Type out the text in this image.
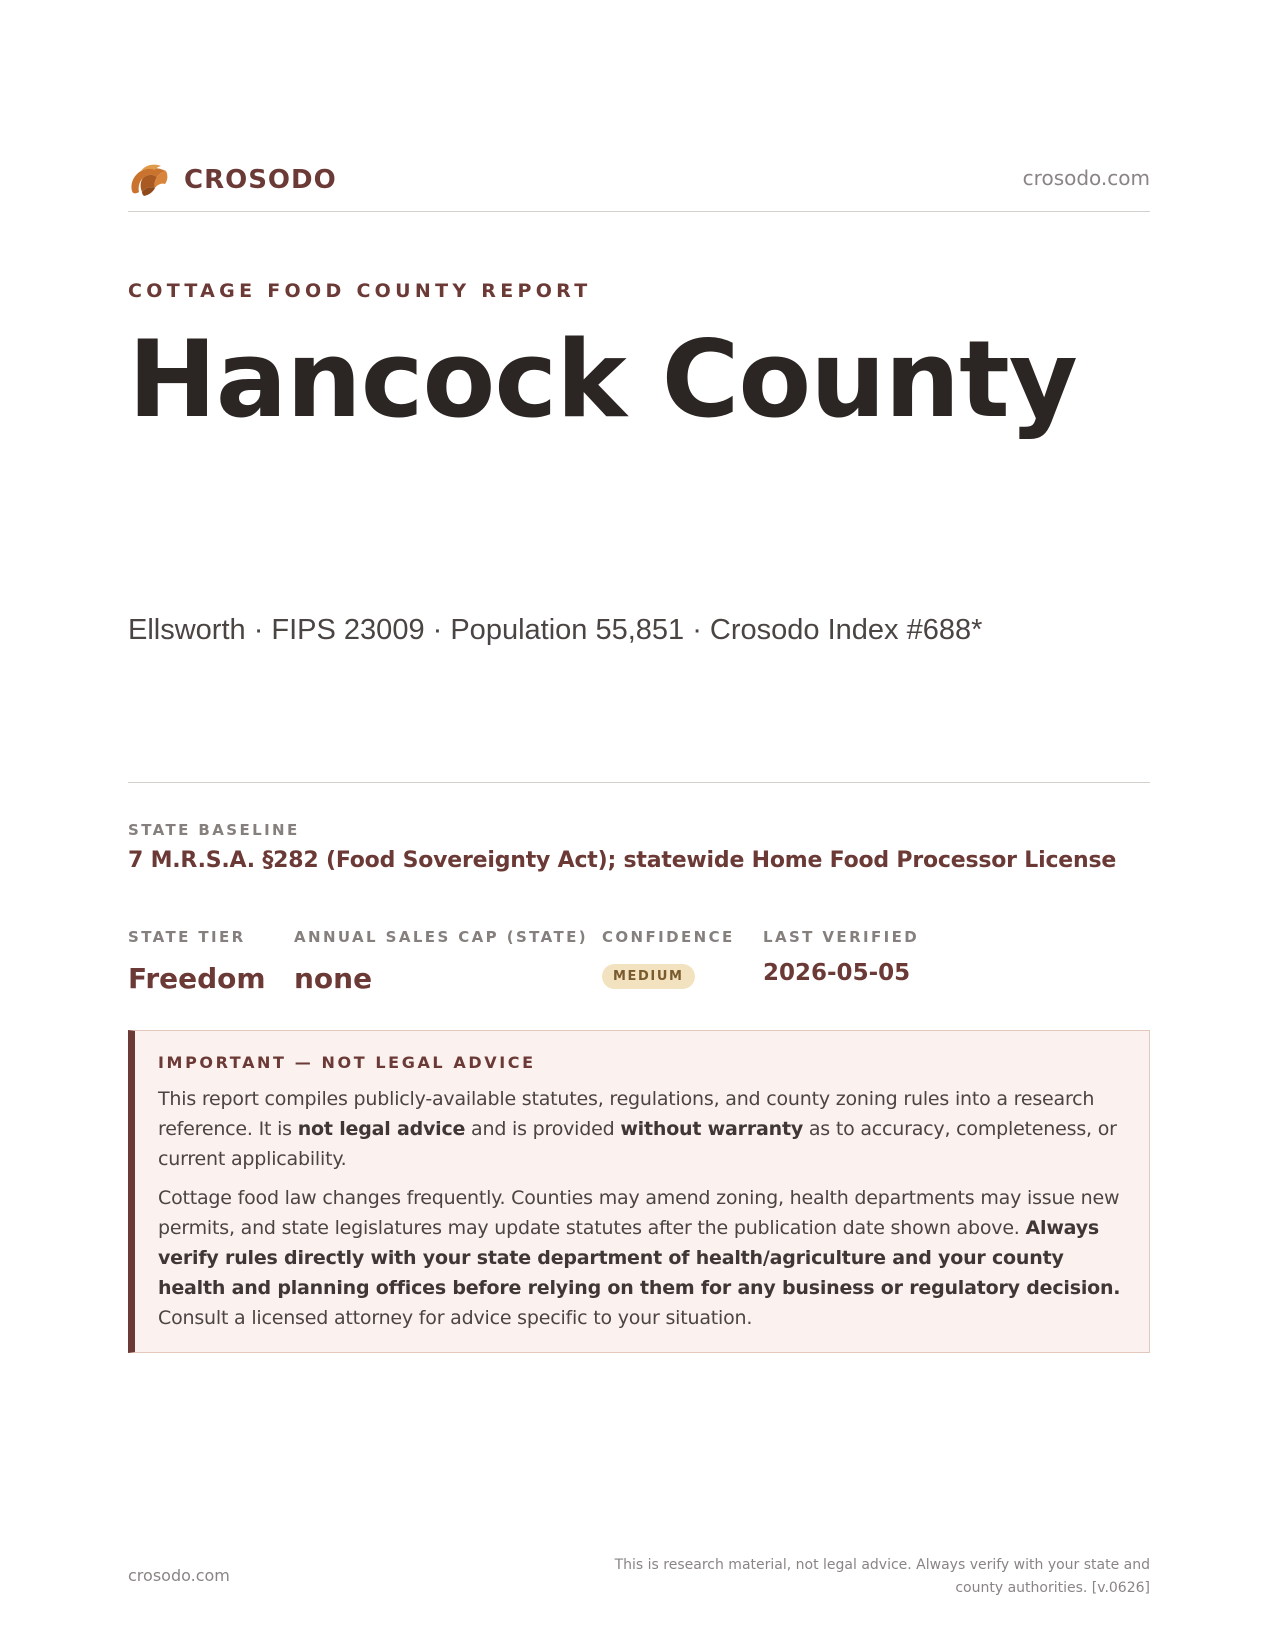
CROSODO	crosodo.com
COTTAGE FOOD COUNTY REPORT
Hancock County
Ellsworth · FIPS 23009 · Population 55,851 · Crosodo Index #688*
STATE BASELINE
7 M.R.S.A. §282 (Food Sovereignty Act); statewide Home Food Processor License
STATE TIER
Freedom
ANNUAL SALES CAP (STATE)
none
CONFIDENCE
MEDIUM
LAST VERIFIED
2026-05-05
IMPORTANT — NOT LEGAL ADVICE

This report compiles publicly-available statutes, regulations, and county zoning rules into a research reference. It is not legal advice and is provided without warranty as to accuracy, completeness, or current applicability.

Cottage food law changes frequently. Counties may amend zoning, health departments may issue new permits, and state legislatures may update statutes after the publication date shown above. Always verify rules directly with your state department of health/agriculture and your county health and planning offices before relying on them for any business or regulatory decision. Consult a licensed attorney for advice specific to your situation.

crosodo.com
This is research material, not legal advice. Always verify with your state and county authorities. [v.0626]
